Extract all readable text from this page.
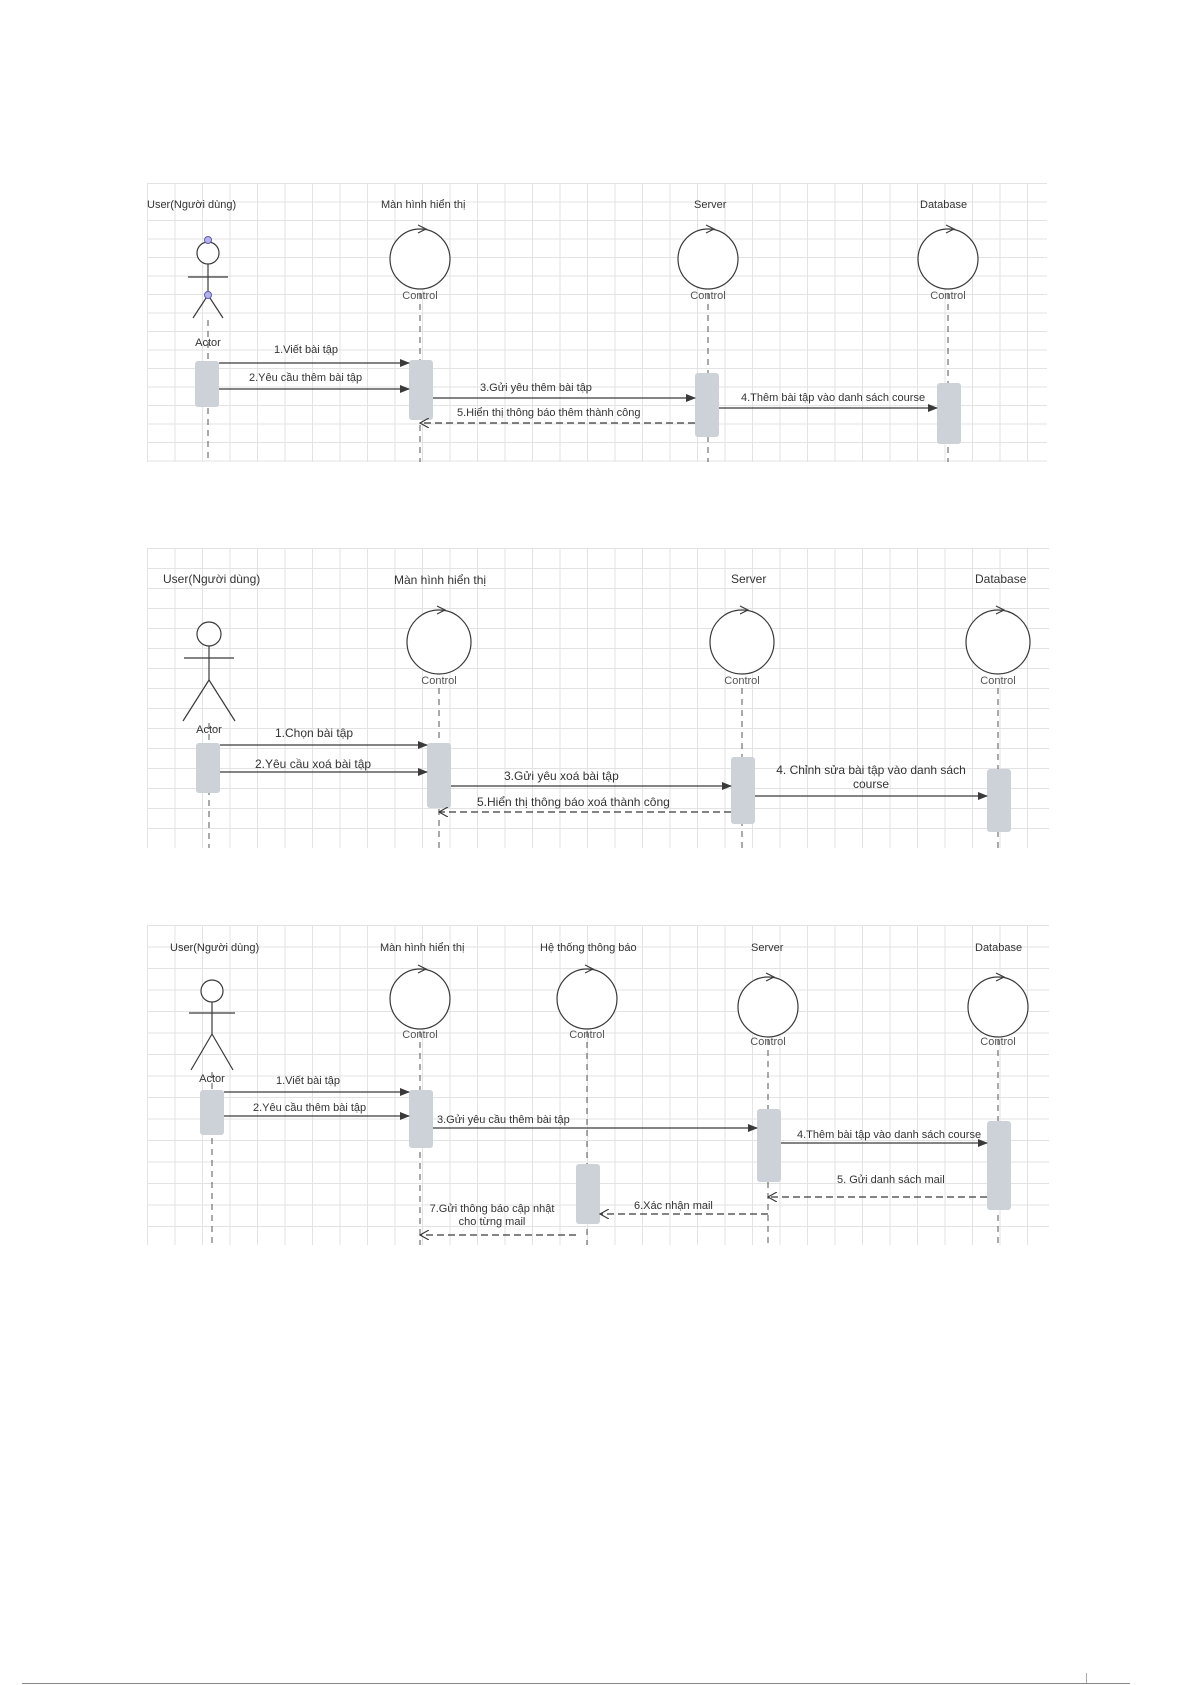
User(Người dùng)	Màn hình hiển thị	Server	Database
Actor
Control	Control	Control
1.Viết bài tập
2.Yêu cầu thêm bài tập
3.Gửi yêu thêm bài tập
4.Thêm bài tập vào danh sách course
5.Hiển thị thông báo thêm thành công
User(Người dùng)	Màn hình hiển thị	Server	Database
Actor
Control	Control	Control
1.Chọn bài tập
2.Yêu cầu xoá bài tập
3.Gửi yêu xoá bài tập	4. Chỉnh sửa bài tập vào danh sách
course
5.Hiển thị thông báo xoá thành công
User(Người dùng)	Màn hình hiển thị	Hệ thống thông báo	Server	Database
Actor
Control	Control
Control	Control
1.Viết bài tập
2.Yêu cầu thêm bài tập
3.Gửi yêu cầu thêm bài tập
4.Thêm bài tập vào danh sách course
5. Gửi danh sách mail
6.Xác nhận mail
7.Gửi thông báo cập nhật
cho từng mail
